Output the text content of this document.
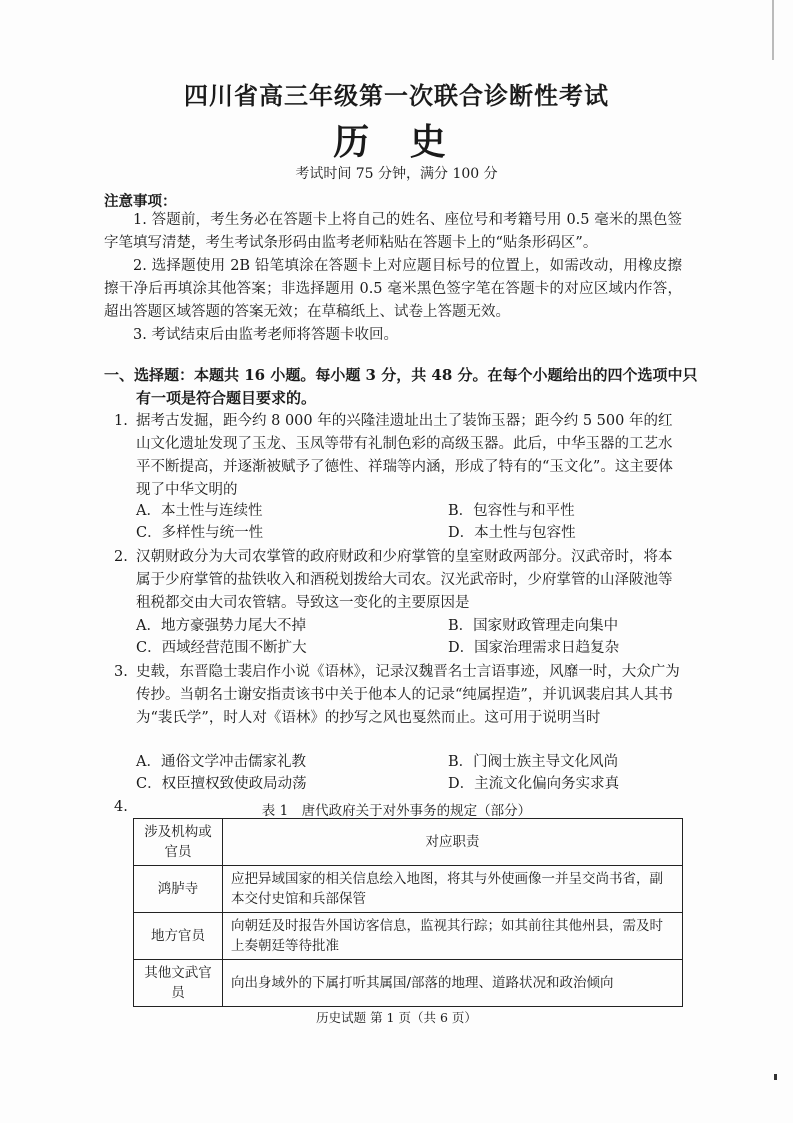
四川省高三年级第一次联合诊断性考试
历 史
考试时间 75 分钟，满分 100 分
注意事项：
1. 答题前，考生务必在答题卡上将自己的姓名、座位号和考籍号用 0.5 毫米的黑色签字笔填写清楚，考生考试条形码由监考老师粘贴在答题卡上的“贴条形码区”。
2. 选择题使用 2B 铅笔填涂在答题卡上对应题目标号的位置上，如需改动，用橡皮擦擦干净后再填涂其他答案；非选择题用 0.5 毫米黑色签字笔在答题卡的对应区域内作答，超出答题区域答题的答案无效；在草稿纸上、试卷上答题无效。
3. 考试结束后由监考老师将答题卡收回。
一、选择题：本题共 16 小题。每小题 3 分，共 48 分。在每个小题给出的四个选项中只
有一项是符合题目要求的。
1. 据考古发掘，距今约 8 000 年的兴隆洼遗址出土了装饰玉器；距今约 5 500 年的红山文化遗址发现了玉龙、玉凤等带有礼制色彩的高级玉器。此后，中华玉器的工艺水平不断提高，并逐渐被赋予了德性、祥瑞等内涵，形成了特有的“玉文化”。这主要体现了中华文明的
A．本土性与连续性	B．包容性与和平性
C．多样性与统一性	D．本土性与包容性
2. 汉朝财政分为大司农掌管的政府财政和少府掌管的皇室财政两部分。汉武帝时，将本属于少府掌管的盐铁收入和酒税划拨给大司农。汉光武帝时，少府掌管的山泽陂池等租税都交由大司农管辖。导致这一变化的主要原因是
A．地方豪强势力尾大不掉	B．国家财政管理走向集中
C．西域经营范围不断扩大	D．国家治理需求日趋复杂
3. 史载，东晋隐士裴启作小说《语林》，记录汉魏晋名士言语事迹，风靡一时，大众广为传抄。当朝名士谢安指责该书中关于他本人的记录“纯属捏造”，并讥讽裴启其人其书为“裴氏学”，时人对《语林》的抄写之风也戛然而止。这可用于说明当时
A．通俗文学冲击儒家礼教	B．门阀士族主导文化风尚
C．权臣擅权致使政局动荡	D．主流文化偏向务实求真
4.	表 1　唐代政府关于对外事务的规定（部分）
涉及机构或官员	对应职责
鸿胪寺	应把异域国家的相关信息绘入地图，将其与外使画像一并呈交尚书省，副本交付史馆和兵部保管
地方官员	向朝廷及时报告外国访客信息，监视其行踪；如其前往其他州县，需及时上奏朝廷等待批准
其他文武官员	向出身域外的下属打听其属国/部落的地理、道路状况和政治倾向
历史试题 第 1 页（共 6 页）
